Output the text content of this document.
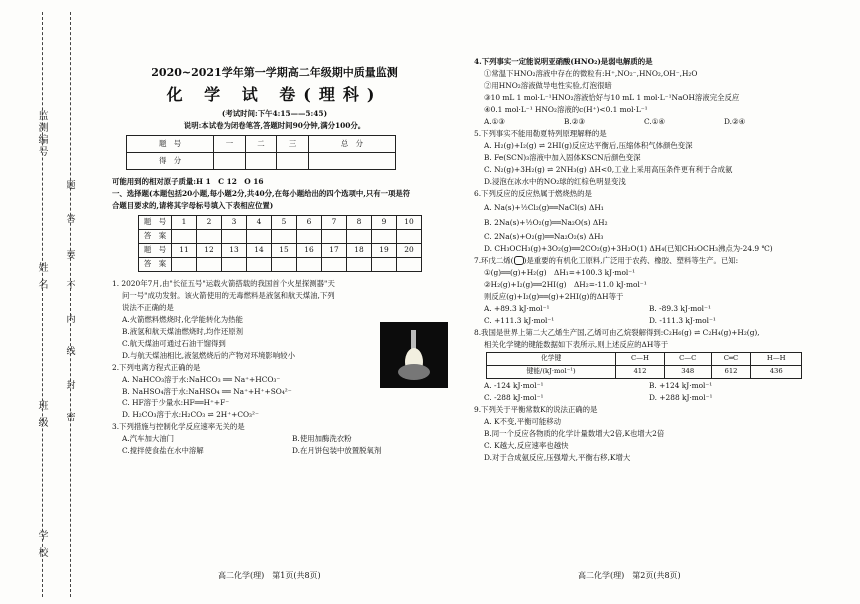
监测编号
姓 名
班 级
学 校
题
答
要
不
内
线
封
密

2020~2021学年第一学期高二年级期中质量监测

化 学 试 卷(理科)

(考试时间:下午4:15——5:45)

说明:本试卷为闭卷笔答,答题时间90分钟,满分100分。

题　号	一	二	三	总　分
得　分				

可能用到的相对原子质量:H 1　C 12　O 16

一、选择题(本题包括20小题,每小题2分,共40分,在每小题给出的四个选项中,只有一项是符

合题目要求的,请将其字母标号填入下表相应位置)

题　号	1	2	3	4	5	6	7	8	9	10
答　案										
题　号	11	12	13	14	15	16	17	18	19	20
答　案										

1. 2020年7月,由"长征五号"运载火箭搭载的我国首个火星探测器"天

问一号"成功发射。该火箭使用的无毒燃料是液氢和航天煤油,下列

说法不正确的是

A.火箭燃料燃烧时,化学能转化为热能

B.液氢和航天煤油燃烧时,均作还原剂

C.航天煤油可通过石油干馏得到

D.与航天煤油相比,液氢燃烧后的产物对环境影响较小

2.下列电离方程式正确的是

A. NaHCO₃溶于水:NaHCO₃ ══ Na⁺+HCO₃⁻

B. NaHSO₄溶于水:NaHSO₄ ══ Na⁺+H⁺+SO₄²⁻

C. HF溶于少量水:HF══H⁺+F⁻

D. H₂CO₃溶于水:H₂CO₃ ⇌ 2H⁺+CO₃²⁻

3.下列措施与控制化学反应速率无关的是

A.汽车加大油门	B.使用加酶洗衣粉

C.搅拌使食盐在水中溶解	D.在月饼包装中放置脱氧剂

高二化学(理)　第1页(共8页)

4.下列事实一定能说明亚硝酸(HNO₂)是弱电解质的是

①常温下HNO₂溶液中存在的微粒有:H⁺,NO₂⁻,HNO₂,OH⁻,H₂O

②用HNO₂溶液做导电性实验,灯泡很暗

③10 mL 1 mol·L⁻¹HNO₂溶液恰好与10 mL 1 mol·L⁻¹NaOH溶液完全反应

④0.1 mol·L⁻¹ HNO₂溶液的c(H⁺)<0.1 mol·L⁻¹

A.①③	B.②③	C.①④	D.②④

5.下列事实不能用勒夏特列原理解释的是

A. H₂(g)+I₂(g) ⇌ 2HI(g)反应达平衡后,压缩体积气体颜色变深

B. Fe(SCN)₃溶液中加入固体KSCN后颜色变深

C. N₂(g)+3H₂(g) ⇌ 2NH₃(g) ΔH<0,工业上采用高压条件更有利于合成氨

D.浸泡在冰水中的NO₂球的红棕色明显变浅

6.下列反应的反应热属于燃烧热的是

A. Na(s)+½Cl₂(g)══NaCl(s) ΔH₁

B. 2Na(s)+½O₂(g)══Na₂O(s) ΔH₂

C. 2Na(s)+O₂(g)══Na₂O₂(s) ΔH₃

D. CH₃OCH₃(g)+3O₂(g)══2CO₂(g)+3H₂O(1) ΔH₄(已知CH₃OCH₃沸点为-24.9 ℃)

7.环戊二烯( )是重要的有机化工原料,广泛用于农药、橡胶、塑料等生产。已知:

①(g)══(g)+H₂(g)　ΔH₁=+100.3 kJ·mol⁻¹

②H₂(g)+I₂(g)══2HI(g)　ΔH₂=-11.0 kJ·mol⁻¹

则反应(g)+I₂(g)══(g)+2HI(g)的ΔH等于

A. +89.3 kJ·mol⁻¹	B. -89.3 kJ·mol⁻¹

C. +111.3 kJ·mol⁻¹	D. -111.3 kJ·mol⁻¹

8.我国是世界上第二大乙烯生产国,乙烯可由乙烷裂解得到:C₂H₆(g) ⇌ C₂H₄(g)+H₂(g),

相关化学键的键能数据如下表所示,则上述反应的ΔH等于

化学键	C—H	C—C	C═C	H—H
键能/(kJ·mol⁻¹)	412	348	612	436

A. -124 kJ·mol⁻¹	B. +124 kJ·mol⁻¹

C. -288 kJ·mol⁻¹	D. +288 kJ·mol⁻¹

9.下列关于平衡常数K的说法正确的是

A. K不变,平衡可能移动

B.同一个反应各物质的化学计量数增大2倍,K也增大2倍

C. K越大,反应速率也越快

D.对于合成氨反应,压强增大,平衡右移,K增大

高二化学(理)　第2页(共8页)
